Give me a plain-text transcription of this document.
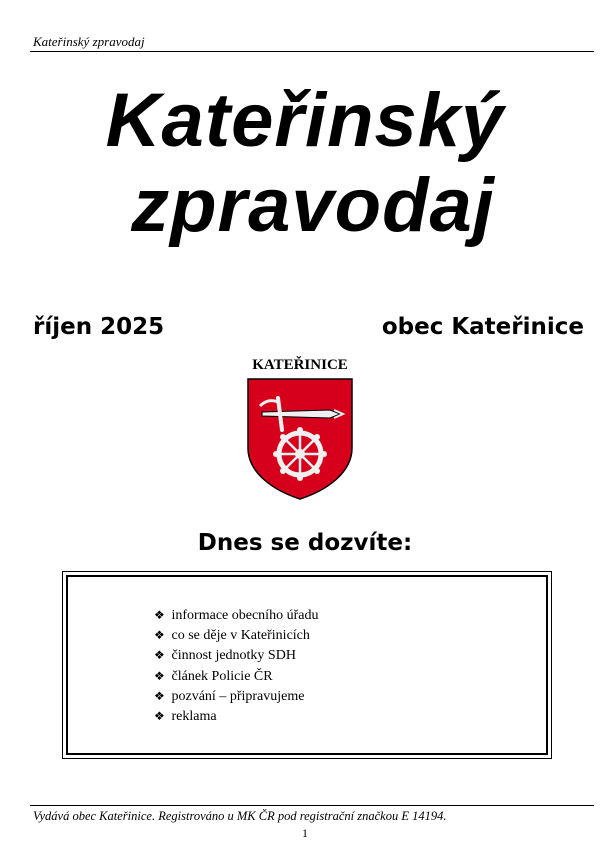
Kateřinský zpravodaj
Kateřinský
zpravodaj
říjen 2025	obec Kateřinice
KATEŘINICE
Dnes se dozvíte:
❖ informace obecního úřadu
❖ co se děje v Kateřinicích
❖ činnost jednotky SDH
❖ článek Policie ČR
❖ pozvání – připravujeme
❖ reklama
Vydává obec Kateřinice. Registrováno u MK ČR pod registrační značkou E 14194.
1
